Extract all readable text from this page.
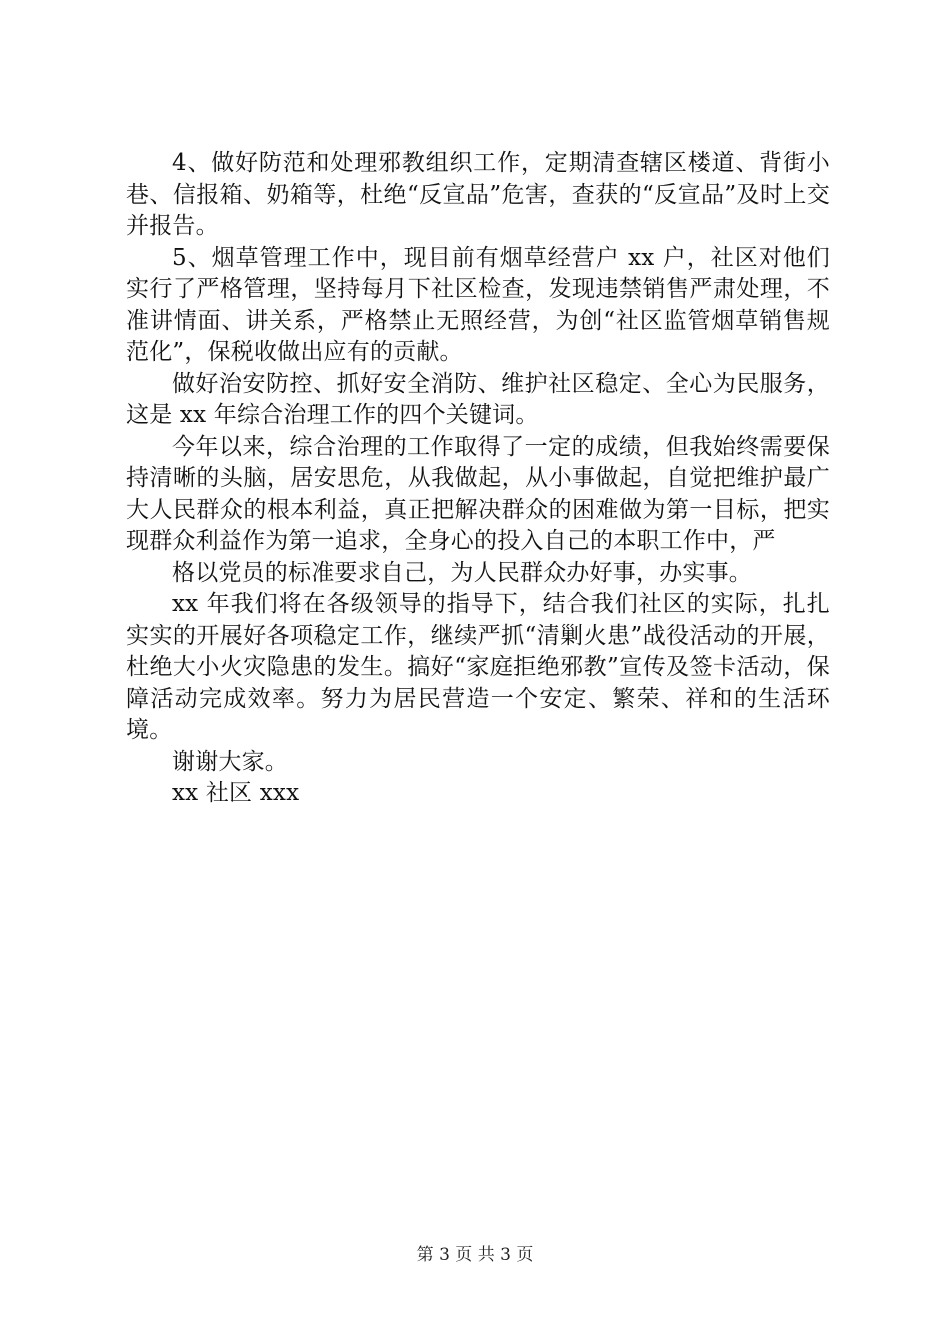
4、做好防范和处理邪教组织工作，定期清查辖区楼道、背街小巷、信报箱、奶箱等，杜绝“反宣品”危害，查获的“反宣品”及时上交并报告。

5、烟草管理工作中，现目前有烟草经营户 xx 户，社区对他们实行了严格管理，坚持每月下社区检查，发现违禁销售严肃处理，不准讲情面、讲关系，严格禁止无照经营，为创“社区监管烟草销售规范化”，保税收做出应有的贡献。

做好治安防控、抓好安全消防、维护社区稳定、全心为民服务，这是 xx 年综合治理工作的四个关键词。

今年以来，综合治理的工作取得了一定的成绩，但我始终需要保持清晰的头脑，居安思危，从我做起，从小事做起，自觉把维护最广大人民群众的根本利益，真正把解决群众的困难做为第一目标，把实现群众利益作为第一追求，全身心的投入自己的本职工作中，严

格以党员的标准要求自己，为人民群众办好事，办实事。

xx 年我们将在各级领导的指导下，结合我们社区的实际，扎扎实实的开展好各项稳定工作，继续严抓“清剿火患”战役活动的开展，杜绝大小火灾隐患的发生。搞好“家庭拒绝邪教”宣传及签卡活动，保障活动完成效率。努力为居民营造一个安定、繁荣、祥和的生活环境。

谢谢大家。

xx 社区 xxx

第 3 页 共 3 页
